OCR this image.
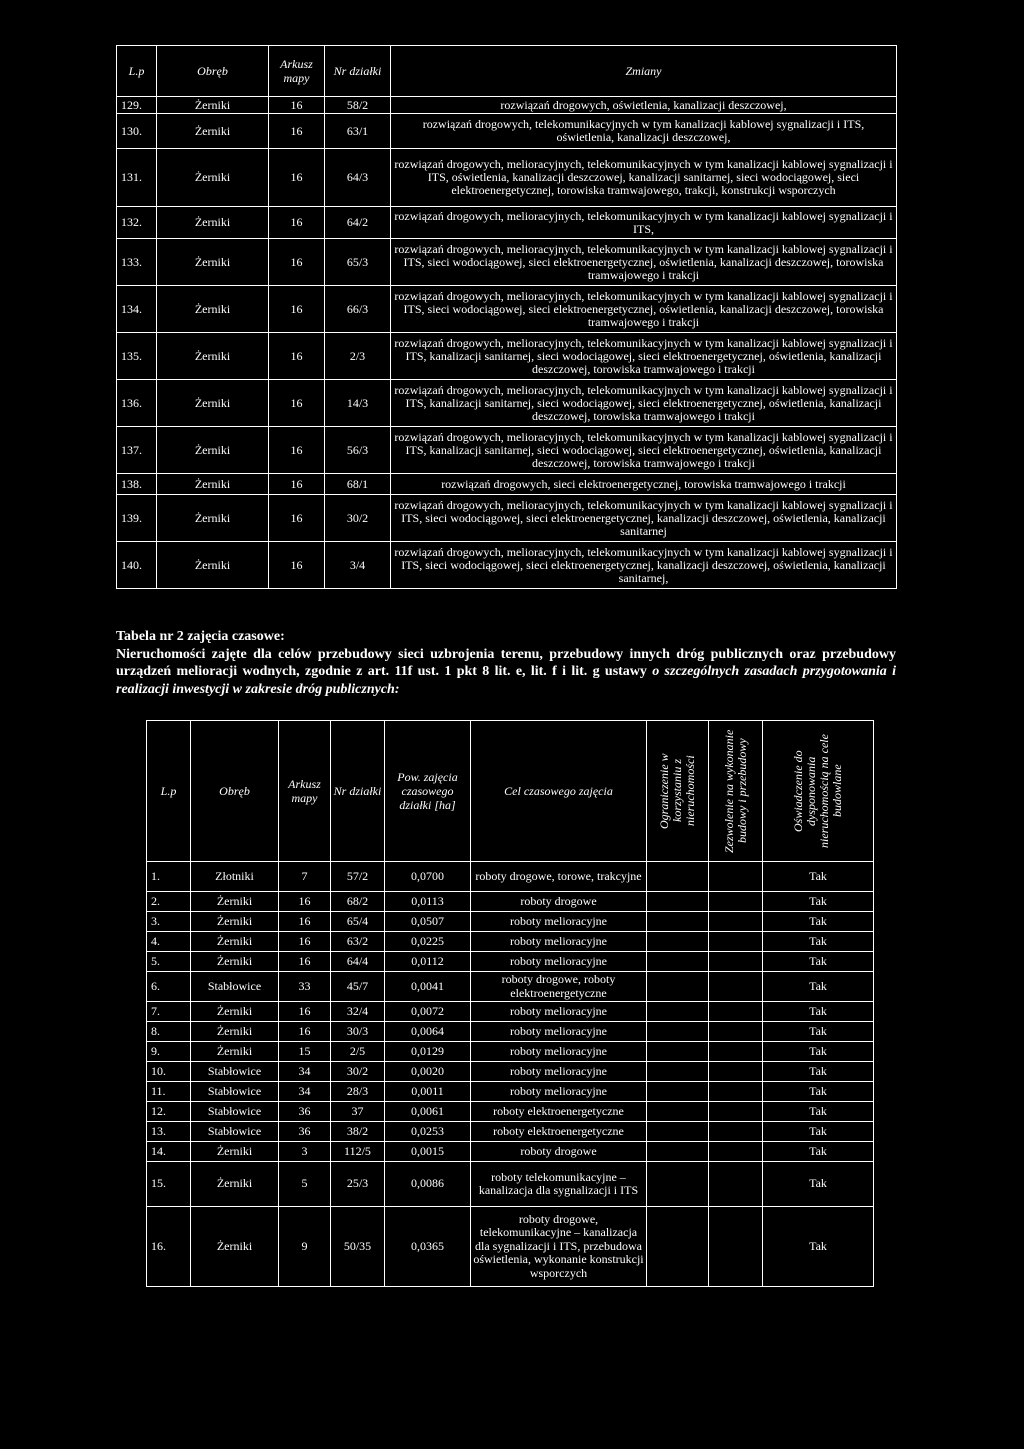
L.p	Obręb	Arkusz mapy	Nr działki	Zmiany
129.	Żerniki	16	58/2	rozwiązań drogowych, oświetlenia, kanalizacji deszczowej,
130.	Żerniki	16	63/1	rozwiązań drogowych, telekomunikacyjnych w tym kanalizacji kablowej sygnalizacji i ITS, oświetlenia, kanalizacji deszczowej,
131.	Żerniki	16	64/3	rozwiązań drogowych, melioracyjnych, telekomunikacyjnych w tym kanalizacji kablowej sygnalizacji i ITS, oświetlenia, kanalizacji deszczowej, kanalizacji sanitarnej, sieci wodociągowej, sieci elektroenergetycznej, torowiska tramwajowego, trakcji, konstrukcji wsporczych
132.	Żerniki	16	64/2	rozwiązań drogowych, melioracyjnych, telekomunikacyjnych w tym kanalizacji kablowej sygnalizacji i ITS,
133.	Żerniki	16	65/3	rozwiązań drogowych, melioracyjnych, telekomunikacyjnych w tym kanalizacji kablowej sygnalizacji i ITS, sieci wodociągowej, sieci elektroenergetycznej, oświetlenia, kanalizacji deszczowej, torowiska tramwajowego i trakcji
134.	Żerniki	16	66/3	rozwiązań drogowych, melioracyjnych, telekomunikacyjnych w tym kanalizacji kablowej sygnalizacji i ITS, sieci wodociągowej, sieci elektroenergetycznej, oświetlenia, kanalizacji deszczowej, torowiska tramwajowego i trakcji
135.	Żerniki	16	2/3	rozwiązań drogowych, melioracyjnych, telekomunikacyjnych w tym kanalizacji kablowej sygnalizacji i ITS, kanalizacji sanitarnej, sieci wodociągowej, sieci elektroenergetycznej, oświetlenia, kanalizacji deszczowej, torowiska tramwajowego i trakcji
136.	Żerniki	16	14/3	rozwiązań drogowych, melioracyjnych, telekomunikacyjnych w tym kanalizacji kablowej sygnalizacji i ITS, kanalizacji sanitarnej, sieci wodociągowej, sieci elektroenergetycznej, oświetlenia, kanalizacji deszczowej, torowiska tramwajowego i trakcji
137.	Żerniki	16	56/3	rozwiązań drogowych, melioracyjnych, telekomunikacyjnych w tym kanalizacji kablowej sygnalizacji i ITS, kanalizacji sanitarnej, sieci wodociągowej, sieci elektroenergetycznej, oświetlenia, kanalizacji deszczowej, torowiska tramwajowego i trakcji
138.	Żerniki	16	68/1	rozwiązań drogowych, sieci elektroenergetycznej, torowiska tramwajowego i trakcji
139.	Żerniki	16	30/2	rozwiązań drogowych, melioracyjnych, telekomunikacyjnych w tym kanalizacji kablowej sygnalizacji i ITS, sieci wodociągowej, sieci elektroenergetycznej, kanalizacji deszczowej, oświetlenia, kanalizacji sanitarnej
140.	Żerniki	16	3/4	rozwiązań drogowych, melioracyjnych, telekomunikacyjnych w tym kanalizacji kablowej sygnalizacji i ITS, sieci wodociągowej, sieci elektroenergetycznej, kanalizacji deszczowej, oświetlenia, kanalizacji sanitarnej,
Tabela nr 2 zajęcia czasowe:
Nieruchomości zajęte dla celów przebudowy sieci uzbrojenia terenu, przebudowy innych dróg publicznych oraz przebudowy urządzeń melioracji wodnych, zgodnie z art. 11f ust. 1 pkt 8 lit. e, lit. f i lit. g ustawy o szczególnych zasadach przygotowania i realizacji inwestycji w zakresie dróg publicznych:
L.p	Obręb	Arkusz mapy	Nr działki	Pow. zajęcia czasowego działki [ha]	Cel czasowego zajęcia	Ograniczenie w korzystaniu z nieruchomości	Zezwolenie na wykonanie budowy i przebudowy	Oświadczenie do dysponowania nieruchomością na cele budowlane

1.	Złotniki	7	57/2	0,0700	roboty drogowe, torowe, trakcyjne			Tak
2.	Żerniki	16	68/2	0,0113	roboty drogowe			Tak
3.	Żerniki	16	65/4	0,0507	roboty melioracyjne			Tak
4.	Żerniki	16	63/2	0,0225	roboty melioracyjne			Tak
5.	Żerniki	16	64/4	0,0112	roboty melioracyjne			Tak
6.	Stabłowice	33	45/7	0,0041	roboty drogowe, roboty elektroenergetyczne			Tak
7.	Żerniki	16	32/4	0,0072	roboty melioracyjne			Tak
8.	Żerniki	16	30/3	0,0064	roboty melioracyjne			Tak
9.	Żerniki	15	2/5	0,0129	roboty melioracyjne			Tak
10.	Stabłowice	34	30/2	0,0020	roboty melioracyjne			Tak
11.	Stabłowice	34	28/3	0,0011	roboty melioracyjne			Tak
12.	Stabłowice	36	37	0,0061	roboty elektroenergetyczne			Tak
13.	Stabłowice	36	38/2	0,0253	roboty elektroenergetyczne			Tak
14.	Żerniki	3	112/5	0,0015	roboty drogowe			Tak
15.	Żerniki	5	25/3	0,0086	roboty telekomunikacyjne – kanalizacja dla sygnalizacji i ITS			Tak
16.	Żerniki	9	50/35	0,0365	roboty drogowe, telekomunikacyjne – kanalizacja dla sygnalizacji i ITS, przebudowa oświetlenia, wykonanie konstrukcji wsporczych			Tak
